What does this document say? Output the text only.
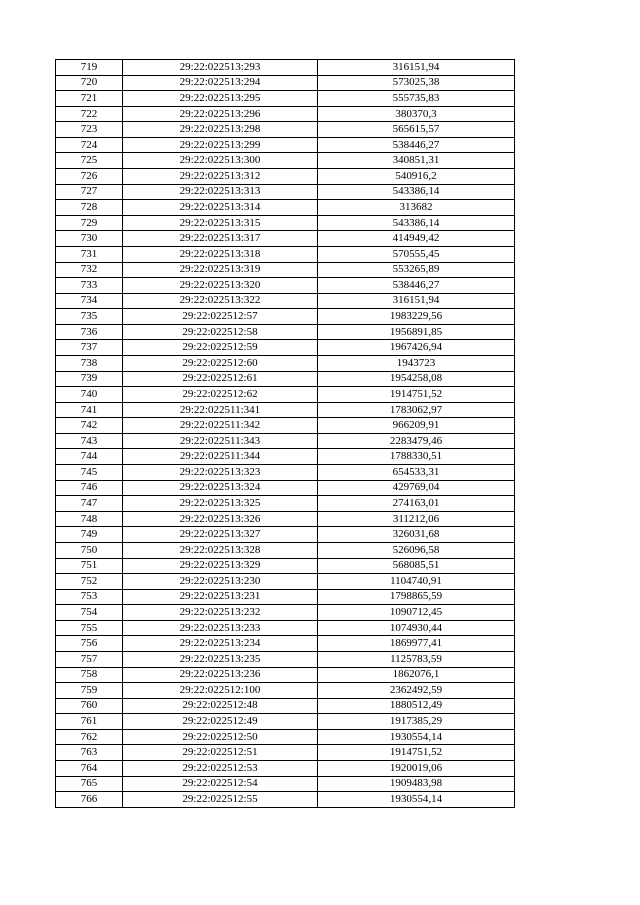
719	29:22:022513:293	316151,94
720	29:22:022513:294	573025,38
721	29:22:022513:295	555735,83
722	29:22:022513:296	380370,3
723	29:22:022513:298	565615,57
724	29:22:022513:299	538446,27
725	29:22:022513:300	340851,31
726	29:22:022513:312	540916,2
727	29:22:022513:313	543386,14
728	29:22:022513:314	313682
729	29:22:022513:315	543386,14
730	29:22:022513:317	414949,42
731	29:22:022513:318	570555,45
732	29:22:022513:319	553265,89
733	29:22:022513:320	538446,27
734	29:22:022513:322	316151,94
735	29:22:022512:57	1983229,56
736	29:22:022512:58	1956891,85
737	29:22:022512:59	1967426,94
738	29:22:022512:60	1943723
739	29:22:022512:61	1954258,08
740	29:22:022512:62	1914751,52
741	29:22:022511:341	1783062,97
742	29:22:022511:342	966209,91
743	29:22:022511:343	2283479,46
744	29:22:022511:344	1788330,51
745	29:22:022513:323	654533,31
746	29:22:022513:324	429769,04
747	29:22:022513:325	274163,01
748	29:22:022513:326	311212,06
749	29:22:022513:327	326031,68
750	29:22:022513:328	526096,58
751	29:22:022513:329	568085,51
752	29:22:022513:230	1104740,91
753	29:22:022513:231	1798865,59
754	29:22:022513:232	1090712,45
755	29:22:022513:233	1074930,44
756	29:22:022513:234	1869977,41
757	29:22:022513:235	1125783,59
758	29:22:022513:236	1862076,1
759	29:22:022512:100	2362492,59
760	29:22:022512:48	1880512,49
761	29:22:022512:49	1917385,29
762	29:22:022512:50	1930554,14
763	29:22:022512:51	1914751,52
764	29:22:022512:53	1920019,06
765	29:22:022512:54	1909483,98
766	29:22:022512:55	1930554,14
